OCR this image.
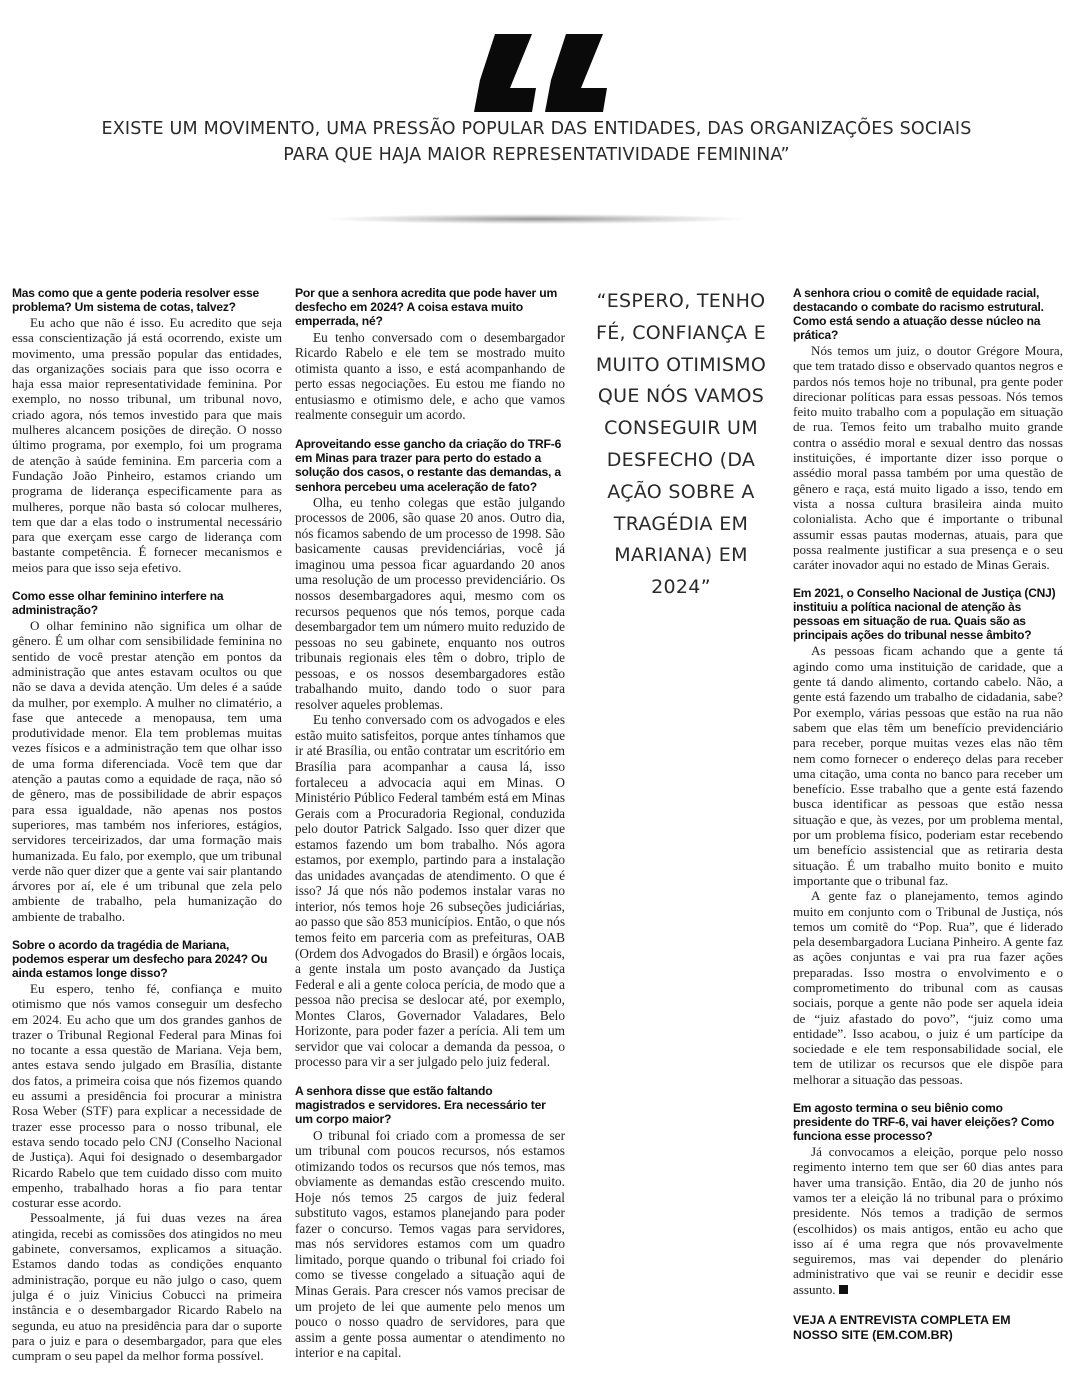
EXISTE UM MOVIMENTO, UMA PRESSÃO POPULAR DAS ENTIDADES, DAS ORGANIZAÇÕES SOCIAIS
PARA QUE HAJA MAIOR REPRESENTATIVIDADE FEMININA”

Mas como que a gente poderia resolver esse problema? Um sistema de cotas, talvez?

Eu acho que não é isso. Eu acredito que seja essa conscientização já está ocorrendo, existe um movimento, uma pressão popular das entidades, das organizações sociais para que isso ocorra e haja essa maior representatividade feminina. Por exemplo, no nosso tribunal, um tribunal novo, criado agora, nós temos investido para que mais mulheres alcancem posições de direção. O nosso último programa, por exemplo, foi um programa de atenção à saúde feminina. Em parceria com a Fundação João Pinheiro, estamos criando um programa de liderança especificamente para as mulheres, porque não basta só colocar mulheres, tem que dar a elas todo o instrumental necessário para que exerçam esse cargo de liderança com bastante competência. É fornecer mecanismos e meios para que isso seja efetivo.

Como esse olhar feminino interfere na administração?

O olhar feminino não significa um olhar de gênero. É um olhar com sensibilidade feminina no sentido de você prestar atenção em pontos da administração que antes estavam ocultos ou que não se dava a devida atenção. Um deles é a saúde da mulher, por exemplo. A mulher no climatério, a fase que antecede a menopausa, tem uma produtividade menor. Ela tem problemas muitas vezes físicos e a administração tem que olhar isso de uma forma diferenciada. Você tem que dar atenção a pautas como a equidade de raça, não só de gênero, mas de possibilidade de abrir espaços para essa igualdade, não apenas nos postos superiores, mas também nos inferiores, estágios, servidores terceirizados, dar uma formação mais humanizada. Eu falo, por exemplo, que um tribunal verde não quer dizer que a gente vai sair plantando árvores por aí, ele é um tribunal que zela pelo ambiente de trabalho, pela humanização do ambiente de trabalho.

Sobre o acordo da tragédia de Mariana, podemos esperar um desfecho para 2024? Ou ainda estamos longe disso?

Eu espero, tenho fé, confiança e muito otimismo que nós vamos conseguir um desfecho em 2024. Eu acho que um dos grandes ganhos de trazer o Tribunal Regional Federal para Minas foi no tocante a essa questão de Mariana. Veja bem, antes estava sendo julgado em Brasília, distante dos fatos, a primeira coisa que nós fizemos quando eu assumi a presidência foi procurar a ministra Rosa Weber (STF) para explicar a necessidade de trazer esse processo para o nosso tribunal, ele estava sendo tocado pelo CNJ (Conselho Nacional de Justiça). Aqui foi designado o desembargador Ricardo Rabelo que tem cuidado disso com muito empenho, trabalhado horas a fio para tentar costurar esse acordo.

Pessoalmente, já fui duas vezes na área atingida, recebi as comissões dos atingidos no meu gabinete, conversamos, explicamos a situação. Estamos dando todas as condições enquanto administração, porque eu não julgo o caso, quem julga é o juiz Vinicius Cobucci na primeira instância e o desembargador Ricardo Rabelo na segunda, eu atuo na presidência para dar o suporte para o juiz e para o desembargador, para que eles cumpram o seu papel da melhor forma possível.

Por que a senhora acredita que pode haver um desfecho em 2024? A coisa estava muito emperrada, né?

Eu tenho conversado com o desembargador Ricardo Rabelo e ele tem se mostrado muito otimista quanto a isso, e está acompanhando de perto essas negociações. Eu estou me fiando no entusiasmo e otimismo dele, e acho que vamos realmente conseguir um acordo.

Aproveitando esse gancho da criação do TRF-6 em Minas para trazer para perto do estado a solução dos casos, o restante das demandas, a senhora percebeu uma aceleração de fato?

Olha, eu tenho colegas que estão julgando processos de 2006, são quase 20 anos. Outro dia, nós ficamos sabendo de um processo de 1998. São basicamente causas previdenciárias, você já imaginou uma pessoa ficar aguardando 20 anos uma resolução de um processo previdenciário. Os nossos desembargadores aqui, mesmo com os recursos pequenos que nós temos, porque cada desembargador tem um número muito reduzido de pessoas no seu gabinete, enquanto nos outros tribunais regionais eles têm o dobro, triplo de pessoas, e os nossos desembargadores estão trabalhando muito, dando todo o suor para resolver aqueles problemas.

Eu tenho conversado com os advogados e eles estão muito satisfeitos, porque antes tínhamos que ir até Brasília, ou então contratar um escritório em Brasília para acompanhar a causa lá, isso fortaleceu a advocacia aqui em Minas. O Ministério Público Federal também está em Minas Gerais com a Procuradoria Regional, conduzida pelo doutor Patrick Salgado. Isso quer dizer que estamos fazendo um bom trabalho. Nós agora estamos, por exemplo, partindo para a instalação das unidades avançadas de atendimento. O que é isso? Já que nós não podemos instalar varas no interior, nós temos hoje 26 subseções judiciárias, ao passo que são 853 municípios. Então, o que nós temos feito em parceria com as prefeituras, OAB (Ordem dos Advogados do Brasil) e órgãos locais, a gente instala um posto avançado da Justiça Federal e ali a gente coloca perícia, de modo que a pessoa não precisa se deslocar até, por exemplo, Montes Claros, Governador Valadares, Belo Horizonte, para poder fazer a perícia. Ali tem um servidor que vai colocar a demanda da pessoa, o processo para vir a ser julgado pelo juiz federal.

A senhora disse que estão faltando magistrados e servidores. Era necessário ter um corpo maior?

O tribunal foi criado com a promessa de ser um tribunal com poucos recursos, nós estamos otimizando todos os recursos que nós temos, mas obviamente as demandas estão crescendo muito. Hoje nós temos 25 cargos de juiz federal substituto vagos, estamos planejando para poder fazer o concurso. Temos vagas para servidores, mas nós servidores estamos com um quadro limitado, porque quando o tribunal foi criado foi como se tivesse congelado a situação aqui de Minas Gerais. Para crescer nós vamos precisar de um projeto de lei que aumente pelo menos um pouco o nosso quadro de servidores, para que assim a gente possa aumentar o atendimento no interior e na capital.

“ESPERO, TENHO FÉ, CONFIANÇA E MUITO OTIMISMO QUE NÓS VAMOS CONSEGUIR UM DESFECHO (DA AÇÃO SOBRE A TRAGÉDIA EM MARIANA) EM 2024”

A senhora criou o comitê de equidade racial, destacando o combate do racismo estrutural. Como está sendo a atuação desse núcleo na prática?

Nós temos um juiz, o doutor Grégore Moura, que tem tratado disso e observado quantos negros e pardos nós temos hoje no tribunal, pra gente poder direcionar políticas para essas pessoas. Nós temos feito muito trabalho com a população em situação de rua. Temos feito um trabalho muito grande contra o assédio moral e sexual dentro das nossas instituições, é importante dizer isso porque o assédio moral passa também por uma questão de gênero e raça, está muito ligado a isso, tendo em vista a nossa cultura brasileira ainda muito colonialista. Acho que é importante o tribunal assumir essas pautas modernas, atuais, para que possa realmente justificar a sua presença e o seu caráter inovador aqui no estado de Minas Gerais.

Em 2021, o Conselho Nacional de Justiça (CNJ) instituiu a política nacional de atenção às pessoas em situação de rua. Quais são as principais ações do tribunal nesse âmbito?

As pessoas ficam achando que a gente tá agindo como uma instituição de caridade, que a gente tá dando alimento, cortando cabelo. Não, a gente está fazendo um trabalho de cidadania, sabe? Por exemplo, várias pessoas que estão na rua não sabem que elas têm um benefício previdenciário para receber, porque muitas vezes elas não têm nem como fornecer o endereço delas para receber uma citação, uma conta no banco para receber um benefício. Esse trabalho que a gente está fazendo busca identificar as pessoas que estão nessa situação e que, às vezes, por um problema mental, por um problema físico, poderiam estar recebendo um benefício assistencial que as retiraria desta situação. É um trabalho muito bonito e muito importante que o tribunal faz.

A gente faz o planejamento, temos agindo muito em conjunto com o Tribunal de Justiça, nós temos um comitê do “Pop. Rua”, que é liderado pela desembargadora Luciana Pinheiro. A gente faz as ações conjuntas e vai pra rua fazer ações preparadas. Isso mostra o envolvimento e o comprometimento do tribunal com as causas sociais, porque a gente não pode ser aquela ideia de “juiz afastado do povo”, “juiz como uma entidade”. Isso acabou, o juiz é um partícipe da sociedade e ele tem responsabilidade social, ele tem de utilizar os recursos que ele dispõe para melhorar a situação das pessoas.

Em agosto termina o seu biênio como presidente do TRF-6, vai haver eleições? Como funciona esse processo?

Já convocamos a eleição, porque pelo nosso regimento interno tem que ser 60 dias antes para haver uma transição. Então, dia 20 de junho nós vamos ter a eleição lá no tribunal para o próximo presidente. Nós temos a tradição de sermos (escolhidos) os mais antigos, então eu acho que isso aí é uma regra que nós provavelmente seguiremos, mas vai depender do plenário administrativo que vai se reunir e decidir esse assunto.

VEJA A ENTREVISTA COMPLETA EM
NOSSO SITE (EM.COM.BR)
